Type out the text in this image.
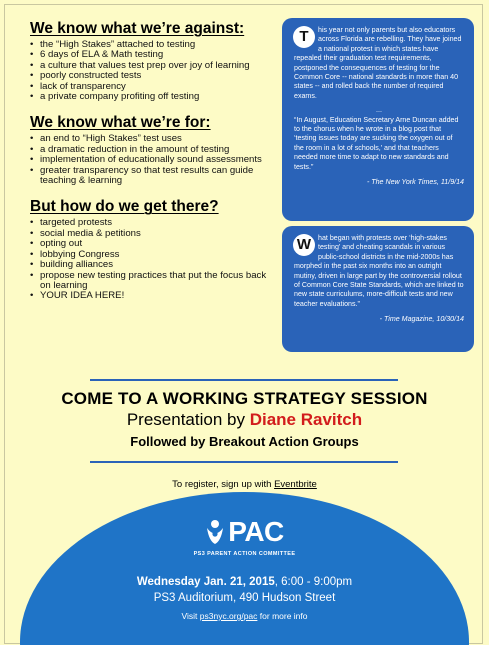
We know what we’re against:
• the “High Stakes” attached to testing
• 6 days of ELA & Math testing
• a culture that values test prep over joy of learning
• poorly constructed tests
• lack of transparency
• a private company profiting off testing
We know what we’re for:
• an end to “High Stakes” test uses
• a dramatic reduction in the amount of testing
• implementation of educationally sound assessments
• greater transparency so that test results can guide teaching & learning
But how do we get there?
• targeted protests
• social media & petitions
• opting out
• lobbying Congress
• building alliances
• propose new testing practices that put the focus back on learning
• YOUR IDEA HERE!
T	his year not only parents but also educators across Florida are rebelling. They have joined a national protest in which states have repealed their graduation test requirements, postponed the consequences of testing for the Common Core -- national standards in more than 40 states -- and rolled back the number of required exams.

...

“In August, Education Secretary Arne Duncan added to the chorus when he wrote in a blog post that ‘testing issues today are sucking the oxygen out of the room in a lot of schools,’ and that teachers needed more time to adapt to new standards and tests.”

- The New York Times, 11/9/14
W hat began with protests over ‘high-stakes testing’ and cheating scandals in various public-school districts in the mid-2000s has morphed in the past six months into an outright mutiny, driven in large part by the controversial rollout of Common Core State Standards, which are linked to new state curriculums, more-difficult tests and new teacher evaluations.”

- Time Magazine, 10/30/14
COME TO A WORKING STRATEGY SESSION
Presentation by Diane Ravitch
Followed by Breakout Action Groups
To register, sign up with Eventbrite
PAC
PS3 PARENT ACTION COMMITTEE
Wednesday Jan. 21, 2015, 6:00 - 9:00pm
PS3 Auditorium, 490 Hudson Street
Visit ps3nyc.org/pac for more info
